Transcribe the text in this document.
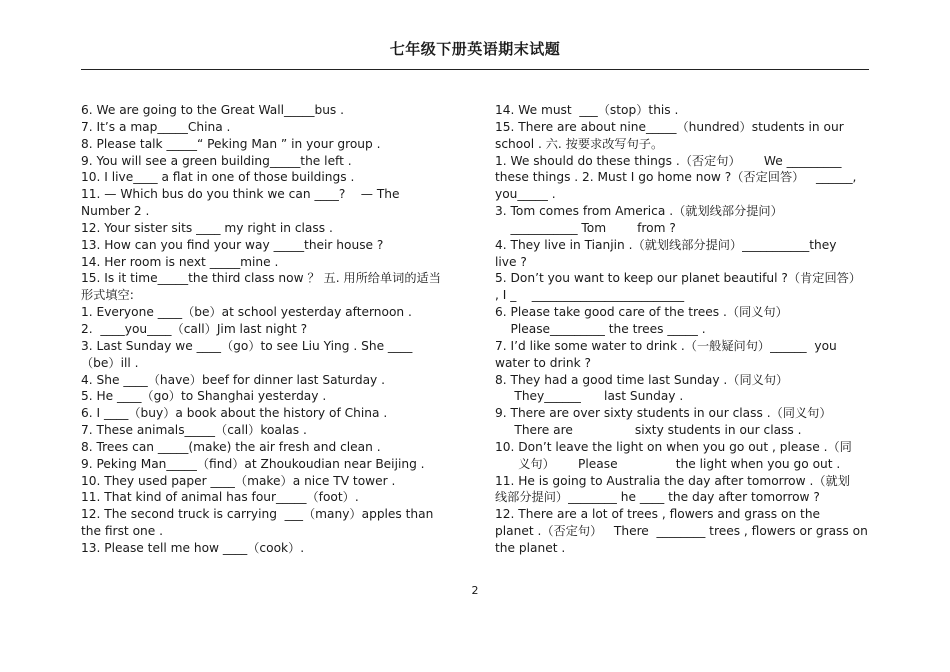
七年级下册英语期末试题
6. We are going to the Great Wall_____bus .
7. It’s a map_____China .
8. Please talk _____“ Peking Man ” in your group .
9. You will see a green building_____the left .
10. I live____ a flat in one of those buildings .
11. — Which bus do you think we can ____?    — The
Number 2 .
12. Your sister sits ____ my right in class .
13. How can you find your way _____their house ?
14. Her room is next _____mine .
15. Is it time_____the third class now ？ 五. 用所给单词的适当
形式填空:
1. Everyone ____（be）at school yesterday afternoon .
2.  ____you____（call）Jim last night ?
3. Last Sunday we ____（go）to see Liu Ying . She ____
（be）ill .
4. She ____（have）beef for dinner last Saturday .
5. He ____（go）to Shanghai yesterday .
6. I ____（buy）a book about the history of China .
7. These animals_____（call）koalas .
8. Trees can _____(make) the air fresh and clean .
9. Peking Man_____（find）at Zhoukoudian near Beijing .
10. They used paper ____（make）a nice TV tower .
11. That kind of animal has four_____（foot）.
12. The second truck is carrying  ___（many）apples than
the first one .
13. Please tell me how ____（cook）.
14. We must  ___（stop）this .
15. There are about nine_____（hundred）students in our
school . 六. 按要求改写句子。
1. We should do these things .（否定句）      We _________
these things . 2. Must I go home now ?（否定回答）   ______,
you_____ .
3. Tom comes from America .（就划线部分提问）
___________ Tom        from ?
4. They live in Tianjin .（就划线部分提问）___________they
live ?
5. Don’t you want to keep our planet beautiful ?（肯定回答）
, I _    _________________________
6. Please take good care of the trees .（同义句）
Please_________ the trees _____ .
7. I’d like some water to drink .（一般疑问句）______  you
water to drink ?
8. They had a good time last Sunday .（同义句）
They______      last Sunday .
9. There are over sixty students in our class .（同义句）
There are                sixty students in our class .
10. Don’t leave the light on when you go out , please .（同
义句）      Please               the light when you go out .
11. He is going to Australia the day after tomorrow .（就划
线部分提问）________ he ____ the day after tomorrow ?
12. There are a lot of trees , flowers and grass on the
planet .（否定句）   There  ________ trees , flowers or grass on
the planet .
2
